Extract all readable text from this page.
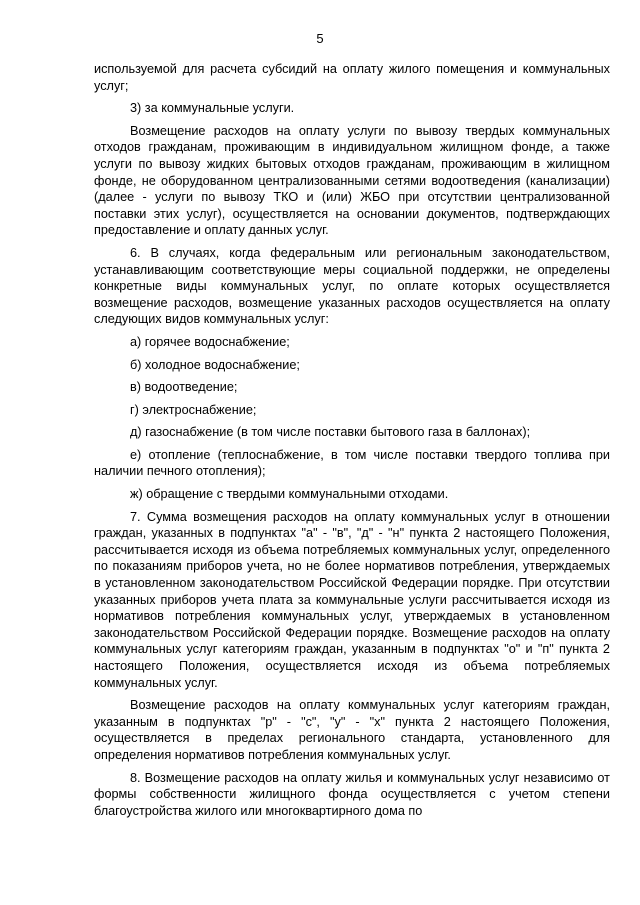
5

используемой для расчета субсидий на оплату жилого помещения и коммунальных услуг;

3) за коммунальные услуги.

Возмещение расходов на оплату услуги по вывозу твердых коммунальных отходов гражданам, проживающим в индивидуальном жилищном фонде, а также услуги по вывозу жидких бытовых отходов гражданам, проживающим в жилищном фонде, не оборудованном централизованными сетями водоотведения (канализации) (далее - услуги по вывозу ТКО и (или) ЖБО при отсутствии централизованной поставки этих услуг), осуществляется на основании документов, подтверждающих предоставление и оплату данных услуг.

6. В случаях, когда федеральным или региональным законодательством, устанавливающим соответствующие меры социальной поддержки, не определены конкретные виды коммунальных услуг, по оплате которых осуществляется возмещение расходов, возмещение указанных расходов осуществляется на оплату следующих видов коммунальных услуг:

а) горячее водоснабжение;

б) холодное водоснабжение;

в) водоотведение;

г) электроснабжение;

д) газоснабжение (в том числе поставки бытового газа в баллонах);

е) отопление (теплоснабжение, в том числе поставки твердого топлива при наличии печного отопления);

ж) обращение с твердыми коммунальными отходами.

7. Сумма возмещения расходов на оплату коммунальных услуг в отношении граждан, указанных в подпунктах "а" - "в", "д" - "н" пункта 2 настоящего Положения, рассчитывается исходя из объема потребляемых коммунальных услуг, определенного по показаниям приборов учета, но не более нормативов потребления, утверждаемых в установленном законодательством Российской Федерации порядке. При отсутствии указанных приборов учета плата за коммунальные услуги рассчитывается исходя из нормативов потребления коммунальных услуг, утверждаемых в установленном законодательством Российской Федерации порядке. Возмещение расходов на оплату коммунальных услуг категориям граждан, указанным в подпунктах "о" и "п" пункта 2 настоящего Положения, осуществляется исходя из объема потребляемых коммунальных услуг.

Возмещение расходов на оплату коммунальных услуг категориям граждан, указанным в подпунктах "р" - "с", "у" - "х" пункта 2 настоящего Положения, осуществляется в пределах регионального стандарта, установленного для определения нормативов потребления коммунальных услуг.

8. Возмещение расходов на оплату жилья и коммунальных услуг независимо от формы собственности жилищного фонда осуществляется с учетом степени благоустройства жилого или многоквартирного дома по
